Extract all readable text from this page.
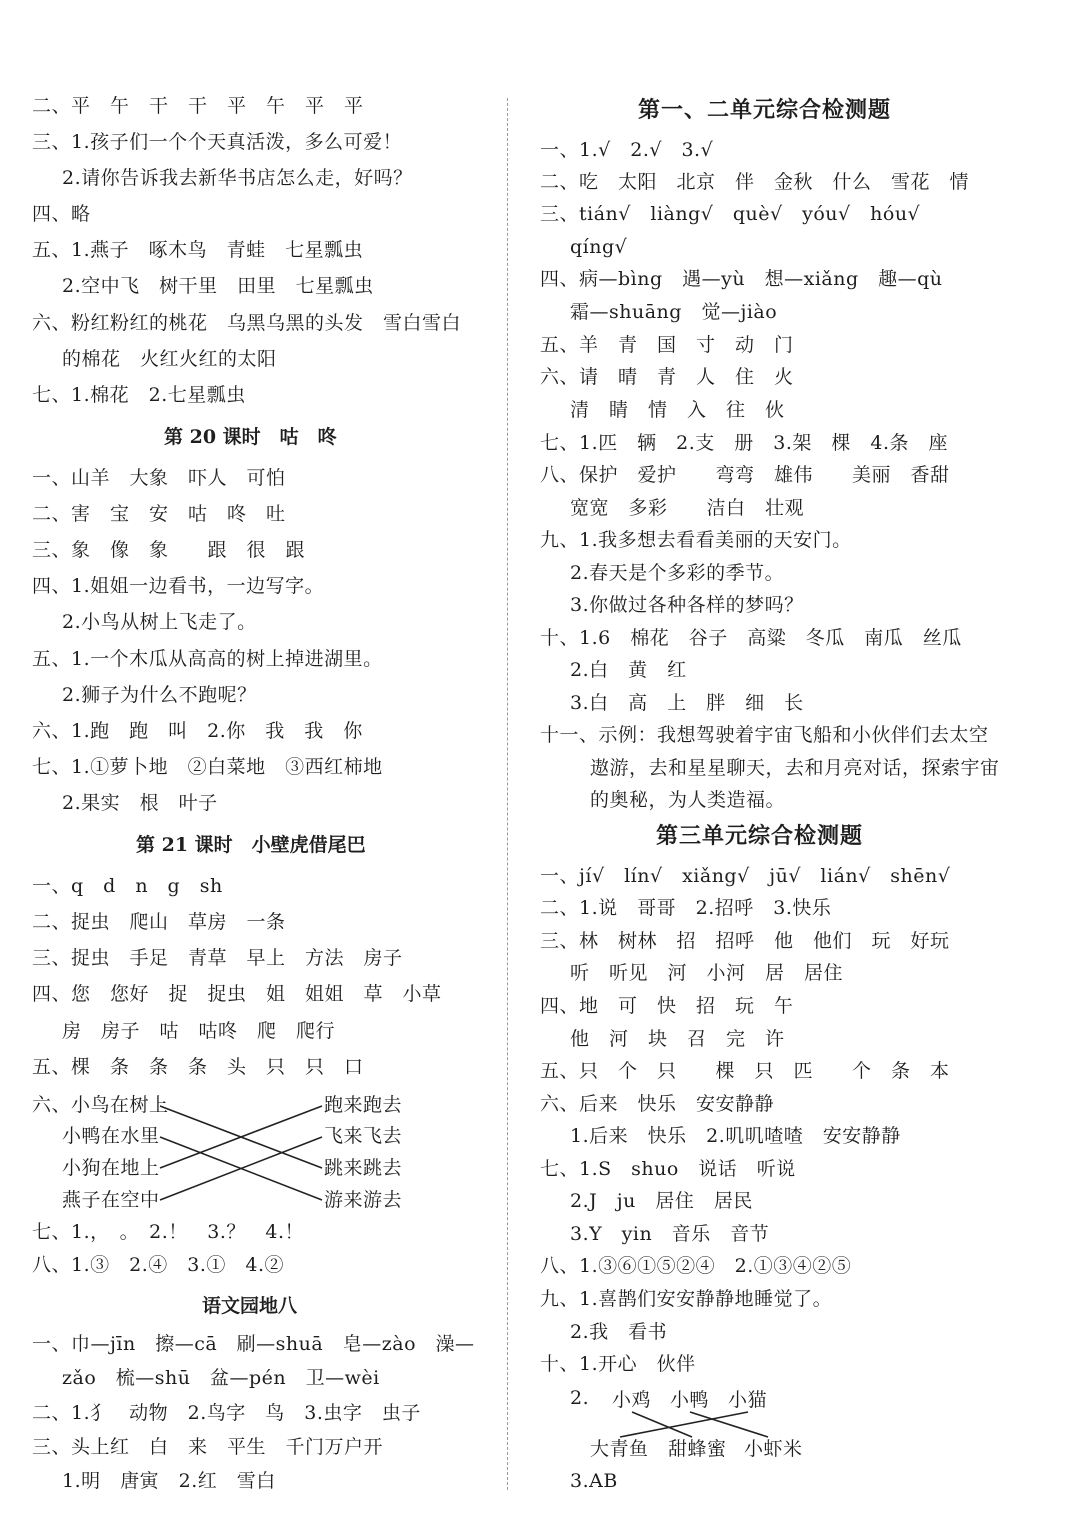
二、平　午　干　干　平　午　平　平
三、1.孩子们一个个天真活泼，多么可爱！
2.请你告诉我去新华书店怎么走，好吗？
四、略
五、1.燕子　啄木鸟　青蛙　七星瓢虫
2.空中飞　树干里　田里　七星瓢虫
六、粉红粉红的桃花　乌黑乌黑的头发　雪白雪白
的棉花　火红火红的太阳
七、1.棉花　2.七星瓢虫
第 20 课时　咕　咚
一、山羊　大象　吓人　可怕
二、害　宝　安　咕　咚　吐
三、象　像　象　　跟　很　跟
四、1.姐姐一边看书，一边写字。
2.小鸟从树上飞走了。
五、1.一个木瓜从高高的树上掉进湖里。
2.狮子为什么不跑呢？
六、1.跑　跑　叫　2.你　我　我　你
七、1.①萝卜地　②白菜地　③西红柿地
2.果实　根　叶子
第 21 课时　小壁虎借尾巴
一、q　d　n　g　sh
二、捉虫　爬山　草房　一条
三、捉虫　手足　青草　早上　方法　房子
四、您　您好　捉　捉虫　姐　姐姐　草　小草
房　房子　咕　咕咚　爬　爬行
五、棵　条　条　条　头　只　只　口
六、小鸟在树上
小鸭在水里
小狗在地上
燕子在空中
跑来跑去
飞来飞去
跳来跳去
游来游去
七、1.，　。　2.！　3.？　4.！
八、1.③　2.④　3.①　4.②
语文园地八
一、巾—jīn　擦—cā　刷—shuā　皂—zào　澡—
zǎo　梳—shū　盆—pén　卫—wèi
二、1.犭　动物　2.鸟字　鸟　3.虫字　虫子
三、头上红　白　来　平生　千门万户开
1.明　唐寅　2.红　雪白
第一、二单元综合检测题
一、1.√　2.√　3.√
二、吃　太阳　北京　伴　金秋　什么　雪花　情
三、tián√　liàng√　què√　yóu√　hóu√
qíng√
四、病—bìng　遇—yù　想—xiǎng　趣—qù
霜—shuāng　觉—jiào
五、羊　青　国　寸　动　门
六、请　晴　青　人　住　火
清　睛　情　入　往　伙
七、1.匹　辆　2.支　册　3.架　棵　4.条　座
八、保护　爱护　　弯弯　雄伟　　美丽　香甜
宽宽　多彩　　洁白　壮观
九、1.我多想去看看美丽的天安门。
2.春天是个多彩的季节。
3.你做过各种各样的梦吗？
十、1.6　棉花　谷子　高粱　冬瓜　南瓜　丝瓜
2.白　黄　红
3.白　高　上　胖　细　长
十一、示例：我想驾驶着宇宙飞船和小伙伴们去太空
遨游，去和星星聊天，去和月亮对话，探索宇宙
的奥秘，为人类造福。
第三单元综合检测题
一、jí√　lín√　xiǎng√　jū√　lián√　shēn√
二、1.说　哥哥　2.招呼　3.快乐
三、林　树林　招　招呼　他　他们　玩　好玩
听　听见　河　小河　居　居住
四、地　可　快　招　玩　午
他　河　块　召　完　许
五、只　个　只　　棵　只　匹　　个　条　本
六、后来　快乐　安安静静
1.后来　快乐　2.叽叽喳喳　安安静静
七、1.S　shuo　说话　听说
2.J　ju　居住　居民
3.Y　yin　音乐　音节
八、1.③⑥①⑤②④　2.①③④②⑤
九、1.喜鹊们安安静静地睡觉了。
2.我　看书
十、1.开心　伙伴
2. 小鸡 小鸭 小猫
大青鱼 甜蜂蜜 小虾米
3.AB
